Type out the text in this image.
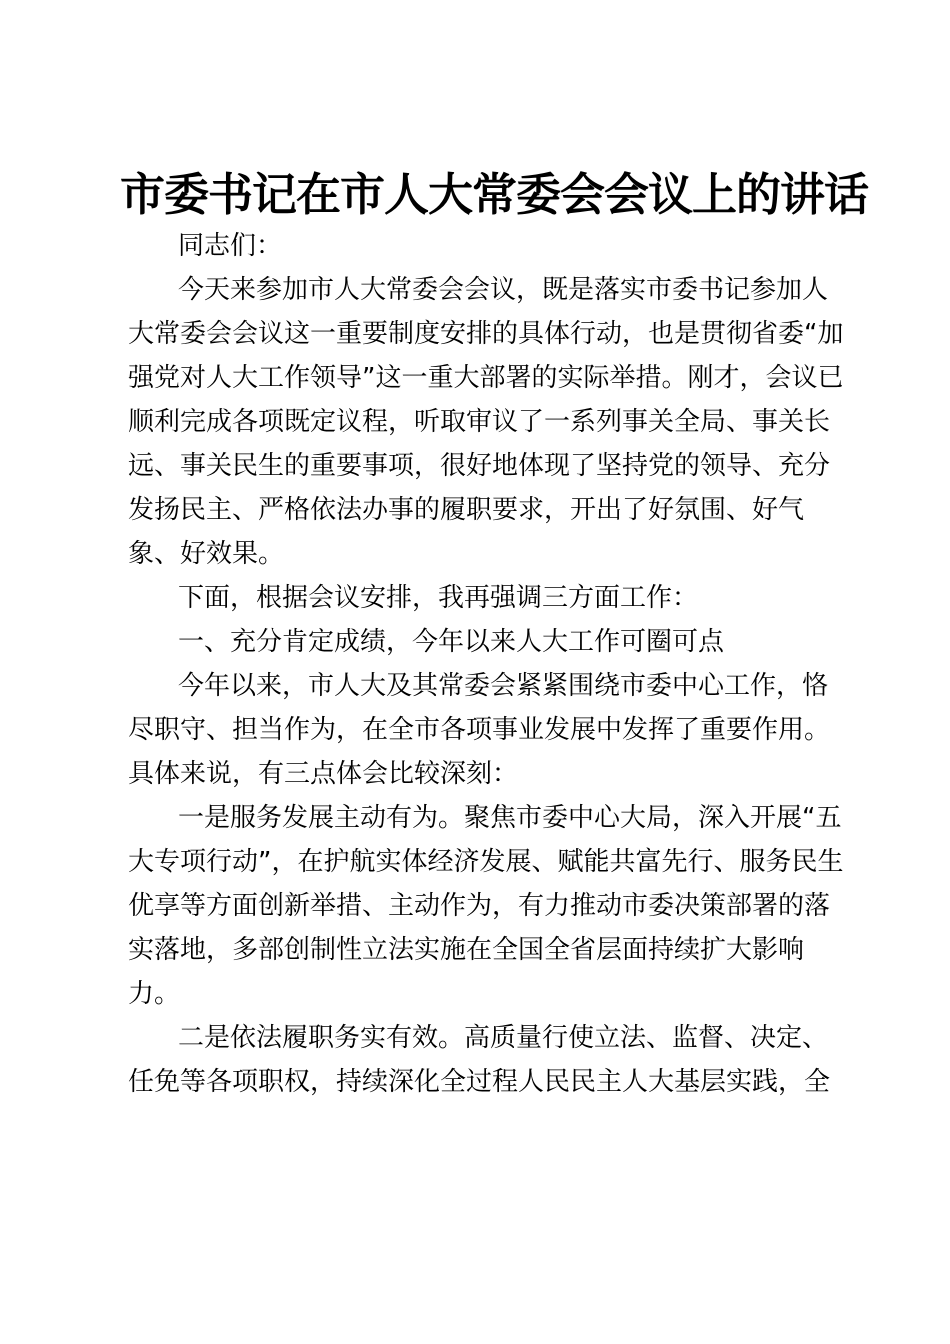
市委书记在市人大常委会会议上的讲话

同志们：

今天来参加市人大常委会会议，既是落实市委书记参加人
大常委会会议这一重要制度安排的具体行动，也是贯彻省委“加
强党对人大工作领导”这一重大部署的实际举措。刚才，会议已
顺利完成各项既定议程，听取审议了一系列事关全局、事关长
远、事关民生的重要事项，很好地体现了坚持党的领导、充分
发扬民主、严格依法办事的履职要求，开出了好氛围、好气
象、好效果。
下面，根据会议安排，我再强调三方面工作：
一、充分肯定成绩，今年以来人大工作可圈可点
今年以来，市人大及其常委会紧紧围绕市委中心工作，恪
尽职守、担当作为，在全市各项事业发展中发挥了重要作用。
具体来说，有三点体会比较深刻：
一是服务发展主动有为。聚焦市委中心大局，深入开展“五
大专项行动”，在护航实体经济发展、赋能共富先行、服务民生
优享等方面创新举措、主动作为，有力推动市委决策部署的落
实落地，多部创制性立法实施在全国全省层面持续扩大影响
力。
二是依法履职务实有效。高质量行使立法、监督、决定、
任免等各项职权，持续深化全过程人民民主人大基层实践，全
